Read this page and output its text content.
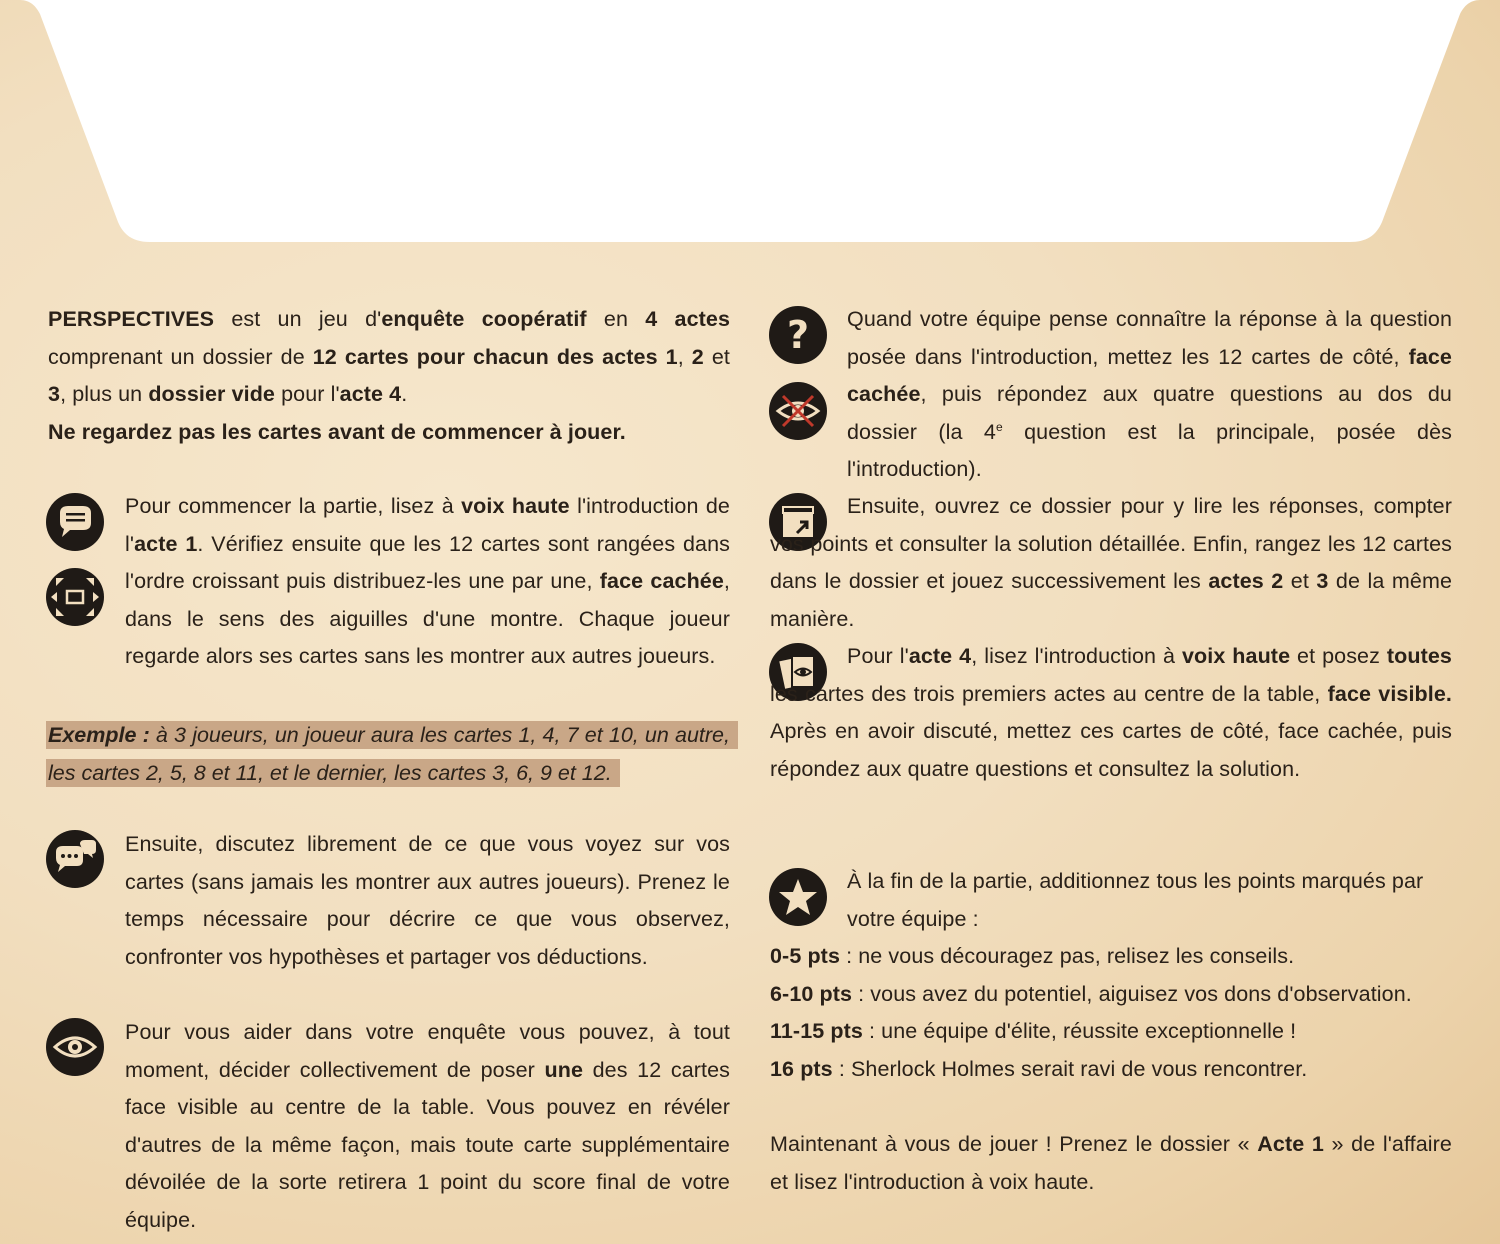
PERSPECTIVES est un jeu d'enquête coopératif en 4 actes comprenant un dossier de 12 cartes pour chacun des actes 1, 2 et 3, plus un dossier vide pour l'acte 4.

Ne regardez pas les cartes avant de commencer à jouer.

Pour commencer la partie, lisez à voix haute l'introduction de l'acte 1. Vérifiez ensuite que les 12 cartes sont rangées dans l'ordre croissant puis distribuez-les une par une, face cachée, dans le sens des aiguilles d'une montre. Chaque joueur regarde alors ses cartes sans les montrer aux autres joueurs.

Exemple : à 3 joueurs, un joueur aura les cartes 1, 4, 7 et 10, un autre, les cartes 2, 5, 8 et 11, et le dernier, les cartes 3, 6, 9 et 12.

Ensuite, discutez librement de ce que vous voyez sur vos cartes (sans jamais les montrer aux autres joueurs). Prenez le temps nécessaire pour décrire ce que vous observez, confronter vos hypothèses et partager vos déductions.

Pour vous aider dans votre enquête vous pouvez, à tout moment, décider collectivement de poser une des 12 cartes face visible au centre de la table. Vous pouvez en révéler d'autres de la même façon, mais toute carte supplémentaire dévoilée de la sorte retirera 1 point du score final de votre équipe.

? Quand votre équipe pense connaître la réponse à la question posée dans l'introduction, mettez les 12 cartes de côté, face cachée, puis répondez aux quatre questions au dos du dossier (la 4e question est la principale, posée dès l'introduction).

Ensuite, ouvrez ce dossier pour y lire les réponses, compter vos points et consulter la solution détaillée. Enfin, rangez les 12 cartes dans le dossier et jouez successivement les actes 2 et 3 de la même manière.

Pour l'acte 4, lisez l'introduction à voix haute et posez toutes les cartes des trois premiers actes au centre de la table, face visible. Après en avoir discuté, mettez ces cartes de côté, face cachée, puis répondez aux quatre questions et consultez la solution.

À la fin de la partie, additionnez tous les points marqués par votre équipe :

0-5 pts : ne vous découragez pas, relisez les conseils.

6-10 pts : vous avez du potentiel, aiguisez vos dons d'observation.

11-15 pts : une équipe d'élite, réussite exceptionnelle !

16 pts : Sherlock Holmes serait ravi de vous rencontrer.

Maintenant à vous de jouer ! Prenez le dossier « Acte 1 » de l'affaire et lisez l'introduction à voix haute.
